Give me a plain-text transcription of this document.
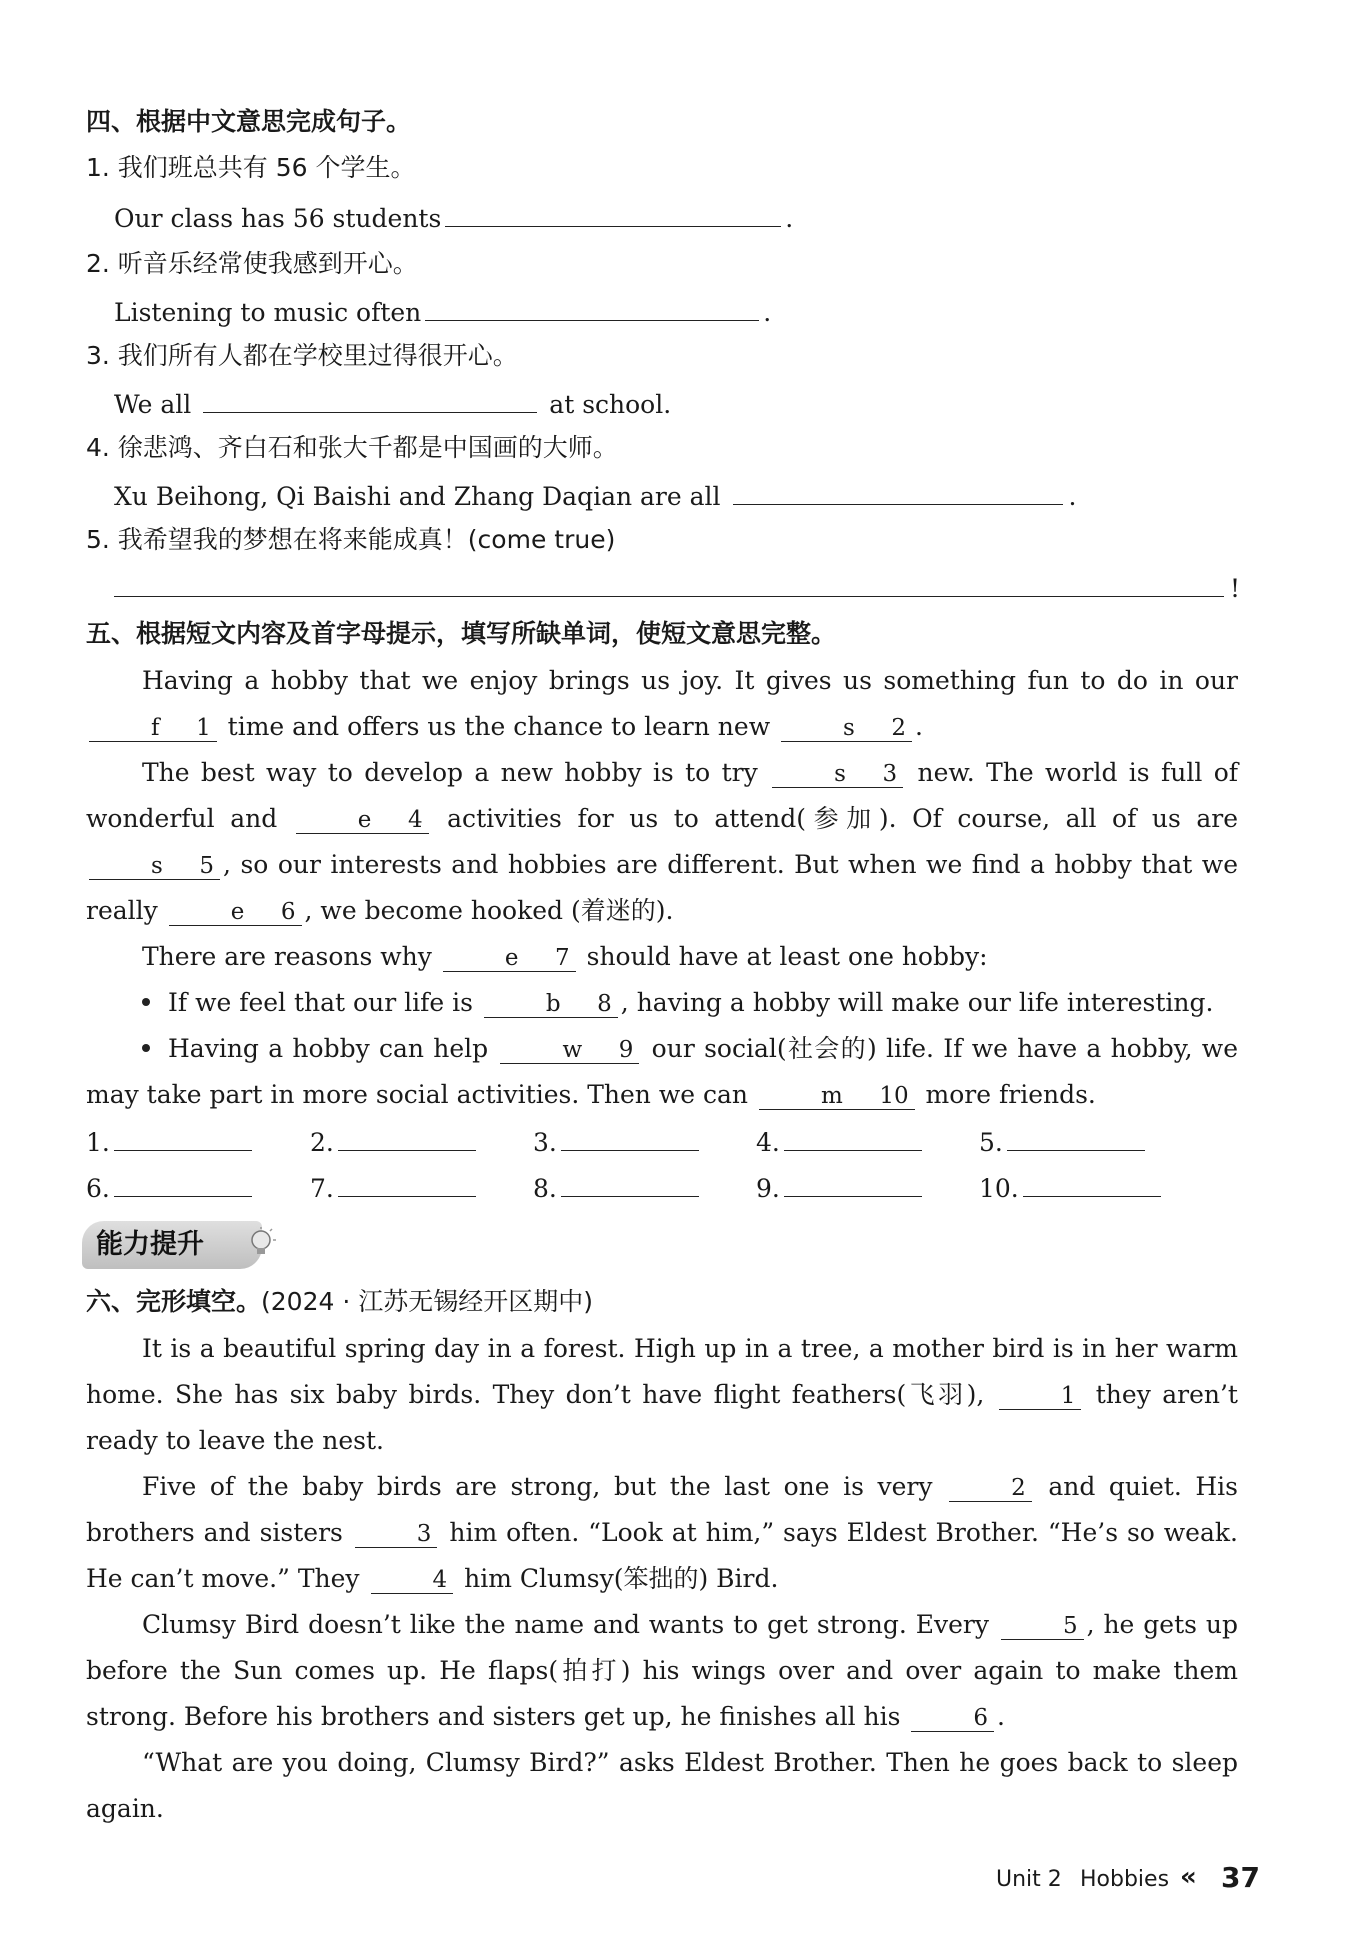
四、根据中文意思完成句子。
1. 我们班总共有 56 个学生。
Our class has 56 students	.
2. 听音乐经常使我感到开心。
Listening to music often	.
3. 我们所有人都在学校里过得很开心。
We all	at school.
4. 徐悲鸿、齐白石和张大千都是中国画的大师。
Xu Beihong, Qi Baishi and Zhang Daqian are all	.
5. 我希望我的梦想在将来能成真！(come true)
!
五、根据短文内容及首字母提示，填写所缺单词，使短文意思完整。

Having a hobby that we enjoy brings us joy. It gives us something fun to do in our f     1 time and offers us the chance to learn new	s     2 .

The best way to develop a new hobby is to try	s     3 new. The world is full of wonderful and	e     4 activities for us to attend(参加). Of course, all of us are s     5 , so our interests and hobbies are different. But when we find a hobby that we really	e     6 , we become hooked (着迷的).

There are reasons why	e     7 should have at least one hobby:

If we feel that our life is	b     8 , having a hobby will make our life interesting.

Having a hobby can help	w     9 our social(社会的) life. If we have a hobby, we may take part in more social activities. Then we can	m     10 more friends.

1.	2.	3.	4.	5.
6.	7.	8.	9.	10.
能力提升
六、完形填空。(2024 · 江苏无锡经开区期中)

It is a beautiful spring day in a forest. High up in a tree, a mother bird is in her warm home. She has six baby birds. They don’t have flight feathers(飞羽),	1 they aren’t ready to leave the nest.

Five of the baby birds are strong, but the last one is very	2 and quiet. His brothers and sisters	3 him often. “Look at him,” says Eldest Brother. “He’s so weak. He can’t move.” They	4 him Clumsy(笨拙的) Bird.

Clumsy Bird doesn’t like the name and wants to get strong. Every	5 , he gets up before the Sun comes up. He flaps(拍打) his wings over and over again to make them strong. Before his brothers and sisters get up, he finishes all his	6 .

“What are you doing, Clumsy Bird?” asks Eldest Brother. Then he goes back to sleep again.

Unit 2 Hobbies « 37
